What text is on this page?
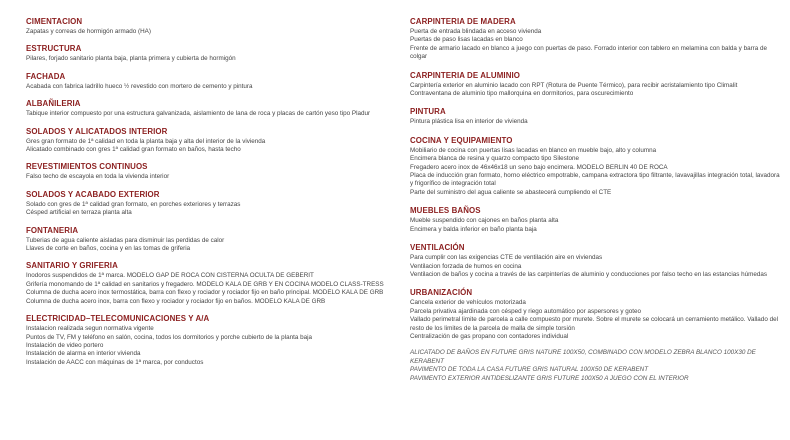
CIMENTACION
Zapatas y correas de hormigón armado (HA)
ESTRUCTURA
Pilares, forjado sanitario planta baja, planta primera y cubierta de hormigón
FACHADA
Acabada con fabrica ladrillo hueco ½ revestido con mortero de cemento y pintura
ALBAÑILERIA
Tabique interior compuesto por una estructura galvanizada, aislamiento de lana de roca y placas de cartón yeso tipo Pladur
SOLADOS Y ALICATADOS INTERIOR
Gres gran formato de 1ª calidad en toda la planta baja y alta del interior de la vivienda
Alicatado combinado con gres 1ª calidad gran formato en baños, hasta techo
REVESTIMIENTOS CONTINUOS
Falso techo de escayola en toda la vivienda interior
SOLADOS Y ACABADO EXTERIOR
Solado con gres de 1ª calidad gran formato, en porches exteriores y terrazas
Césped artificial en terraza planta alta
FONTANERIA
Tuberias de agua caliente aisladas para disminuir las perdidas de calor
Llaves de corte en baños, cocina y en las tomas de griferia
SANITARIO Y GRIFERIA
Inodoros suspendidos de 1ª marca. MODELO GAP DE ROCA CON CISTERNA OCULTA DE GEBERIT
Grifería monomando de 1ª calidad en sanitarios y fregadero. MODELO KALA DE GRB Y EN COCINA MODELO CLASS-TRESS
Columna de ducha acero inox termostática, barra con flexo y rociador y rociador fijo en baño principal. MODELO KALA DE GRB
Columna de ducha acero inox, barra con flexo y rociador y rociador fijo en baños. MODELO KALA DE GRB
ELECTRICIDAD–TELECOMUNICACIONES Y A/A
Instalacion realizada segun normativa vigente
Puntos de TV, FM y teléfono en salón, cocina, todos los dormitorios y porche cubierto de la planta baja
Instalación de video portero
Instalación de alarma en interior vivienda
Instalación de AACC con máquinas de 1ª marca, por conductos
CARPINTERIA DE MADERA
Puerta de entrada blindada en acceso vivienda
Puertas de paso lisas lacadas en blanco
Frente de armario lacado en blanco a juego con puertas de paso. Forrado interior con tablero en melamina con balda y barra de colgar
CARPINTERIA DE ALUMINIO
Carpintería exterior en aluminio lacado con RPT (Rotura de Puente Térmico), para recibir acristalamiento tipo Climalit
Contraventana de aluminio tipo mallorquina en dormitorios, para oscurecimiento
PINTURA
Pintura plástica lisa en interior de vivienda
COCINA Y EQUIPAMIENTO
Mobiliario de cocina con puertas lisas lacadas en blanco en mueble bajo, alto y columna
Encimera blanca de resina y quarzo compacto tipo Silestone
Fregadero acero inox de 46x46x18 un seno bajo encimera. MODELO BERLIN 40 DE ROCA
Placa de inducción gran formato, horno eléctrico empotrable, campana extractora tipo filtrante, lavavajillas integración total, lavadora y frigorífico de integración total
Parte del suministro del agua caliente se abastecerá cumpliendo el CTE
MUEBLES BAÑOS
Mueble suspendido con cajones en baños planta alta
Encimera y balda inferior en baño planta baja
VENTILACIÓN
Para cumplir con las exigencias CTE de ventilación aire en viviendas
Ventilacion forzada de humos en cocina
Ventilacion de baños y cocina a través de las carpinterías de aluminio y conducciones por falso techo en las estancias húmedas
URBANIZACIÓN
Cancela exterior de vehículos motorizada
Parcela privativa ajardinada con césped y riego automático por aspersores y goteo
Vallado perimetral limite de parcela a calle compuesto por murete. Sobre el murete se colocará un cerramiento metálico. Vallado del resto de los limites de la parcela de malla de simple torsión
Centralización de gas propano con contadores individual
ALICATADO DE BAÑOS EN FUTURE GRIS NATURE 100X50, COMBINADO CON MODELO ZEBRA BLANCO 100X30 DE KERABENT
PAVIMENTO DE TODA LA CASA FUTURE GRIS NATURAL 100X50 DE KERABENT
PAVIMENTO EXTERIOR ANTIDESLIZANTE GRIS FUTURE 100X50 A JUEGO CON EL INTERIOR
